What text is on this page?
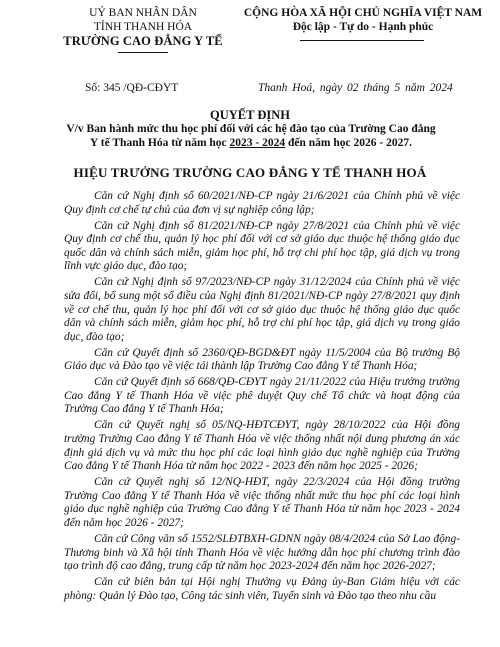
UỶ BAN NHÂN DÂN
TỈNH THANH HÓA
TRƯỜNG CAO ĐẲNG Y TẾ
CỘNG HÒA XÃ HỘI CHỦ NGHĨA VIỆT NAM
Độc lập - Tự do - Hạnh phúc
Số: 345 /QĐ-CĐYT	Thanh Hoá, ngày 02 tháng 5 năm 2024
QUYẾT ĐỊNH
V/v Ban hành mức thu học phí đối với các hệ đào tạo của Trường Cao đẳng Y tế Thanh Hóa từ năm học 2023 - 2024 đến năm học 2026 - 2027.
HIỆU TRƯỞNG TRƯỜNG CAO ĐẲNG Y TẾ THANH HOÁ

Căn cứ Nghị định số 60/2021/NĐ-CP ngày 21/6/2021 của Chính phủ về việc Quy định cơ chế tự chủ của đơn vị sự nghiệp công lập;

Căn cứ Nghị định số 81/2021/NĐ-CP ngày 27/8/2021 của Chính phủ về việc Quy định cơ chế thu, quản lý học phí đối với cơ sở giáo dục thuộc hệ thống giáo dục quốc dân và chính sách miễn, giảm học phí, hỗ trợ chi phí học tập, giá dịch vụ trong lĩnh vực giáo dục, đào tạo;

Căn cứ Nghị định số 97/2023/NĐ-CP ngày 31/12/2024 của Chính phủ về việc sửa đổi, bổ sung một số điều của Nghị định 81/2021/NĐ-CP ngày 27/8/2021 quy định về cơ chế thu, quản lý học phí đối với cơ sở giáo dục thuộc hệ thống giáo dục quốc dân và chính sách miễn, giảm học phí, hỗ trợ chi phí học tập, giá dịch vụ trong giáo dục, đào tạo;

Căn cứ Quyết định số 2360/QĐ-BGD&ĐT ngày 11/5/2004 của Bộ trưởng Bộ Giáo dục và Đào tạo về việc tái thành lập Trường Cao đẳng Y tế Thanh Hóa;

Căn cứ Quyết định số 668/QĐ-CĐYT ngày 21/11/2022 của Hiệu trưởng trường Cao đẳng Y tế Thanh Hóa về việc phê duyệt Quy chế Tổ chức và hoạt động của Trường Cao đẳng Y tế Thanh Hóa;

Căn cứ Quyết nghị số 05/NQ-HĐTCĐYT, ngày 28/10/2022 của Hội đồng trường Trường Cao đẳng Y tế Thanh Hóa về việc thống nhất nội dung phương án xác định giá dịch vụ và mức thu học phí các loại hình giáo dục nghề nghiệp của Trường Cao đẳng Y tế Thanh Hóa từ năm học 2022 - 2023 đến năm học 2025 - 2026;

Căn cứ Quyết nghị số 12/NQ-HĐT, ngày 22/3/2024 của Hội đồng trường Trường Cao đẳng Y tế Thanh Hóa về việc thống nhất mức thu học phí các loại hình giáo dục nghề nghiệp của Trường Cao đẳng Y tế Thanh Hóa từ năm học 2023 - 2024 đến năm học 2026 - 2027;

Căn cứ Công văn số 1552/SLĐTBXH-GDNN ngày 08/4/2024 của Sở Lao động-Thương binh và Xã hội tỉnh Thanh Hóa về việc hướng dẫn học phí chương trình đào tạo trình độ cao đẳng, trung cấp từ năm học 2023-2024 đến năm học 2026-2027;

Căn cứ biên bản tại Hội nghị Thường vụ Đảng ủy-Ban Giám hiệu với các phòng: Quản lý Đào tạo, Công tác sinh viên, Tuyển sinh và Đào tạo theo nhu cầu
